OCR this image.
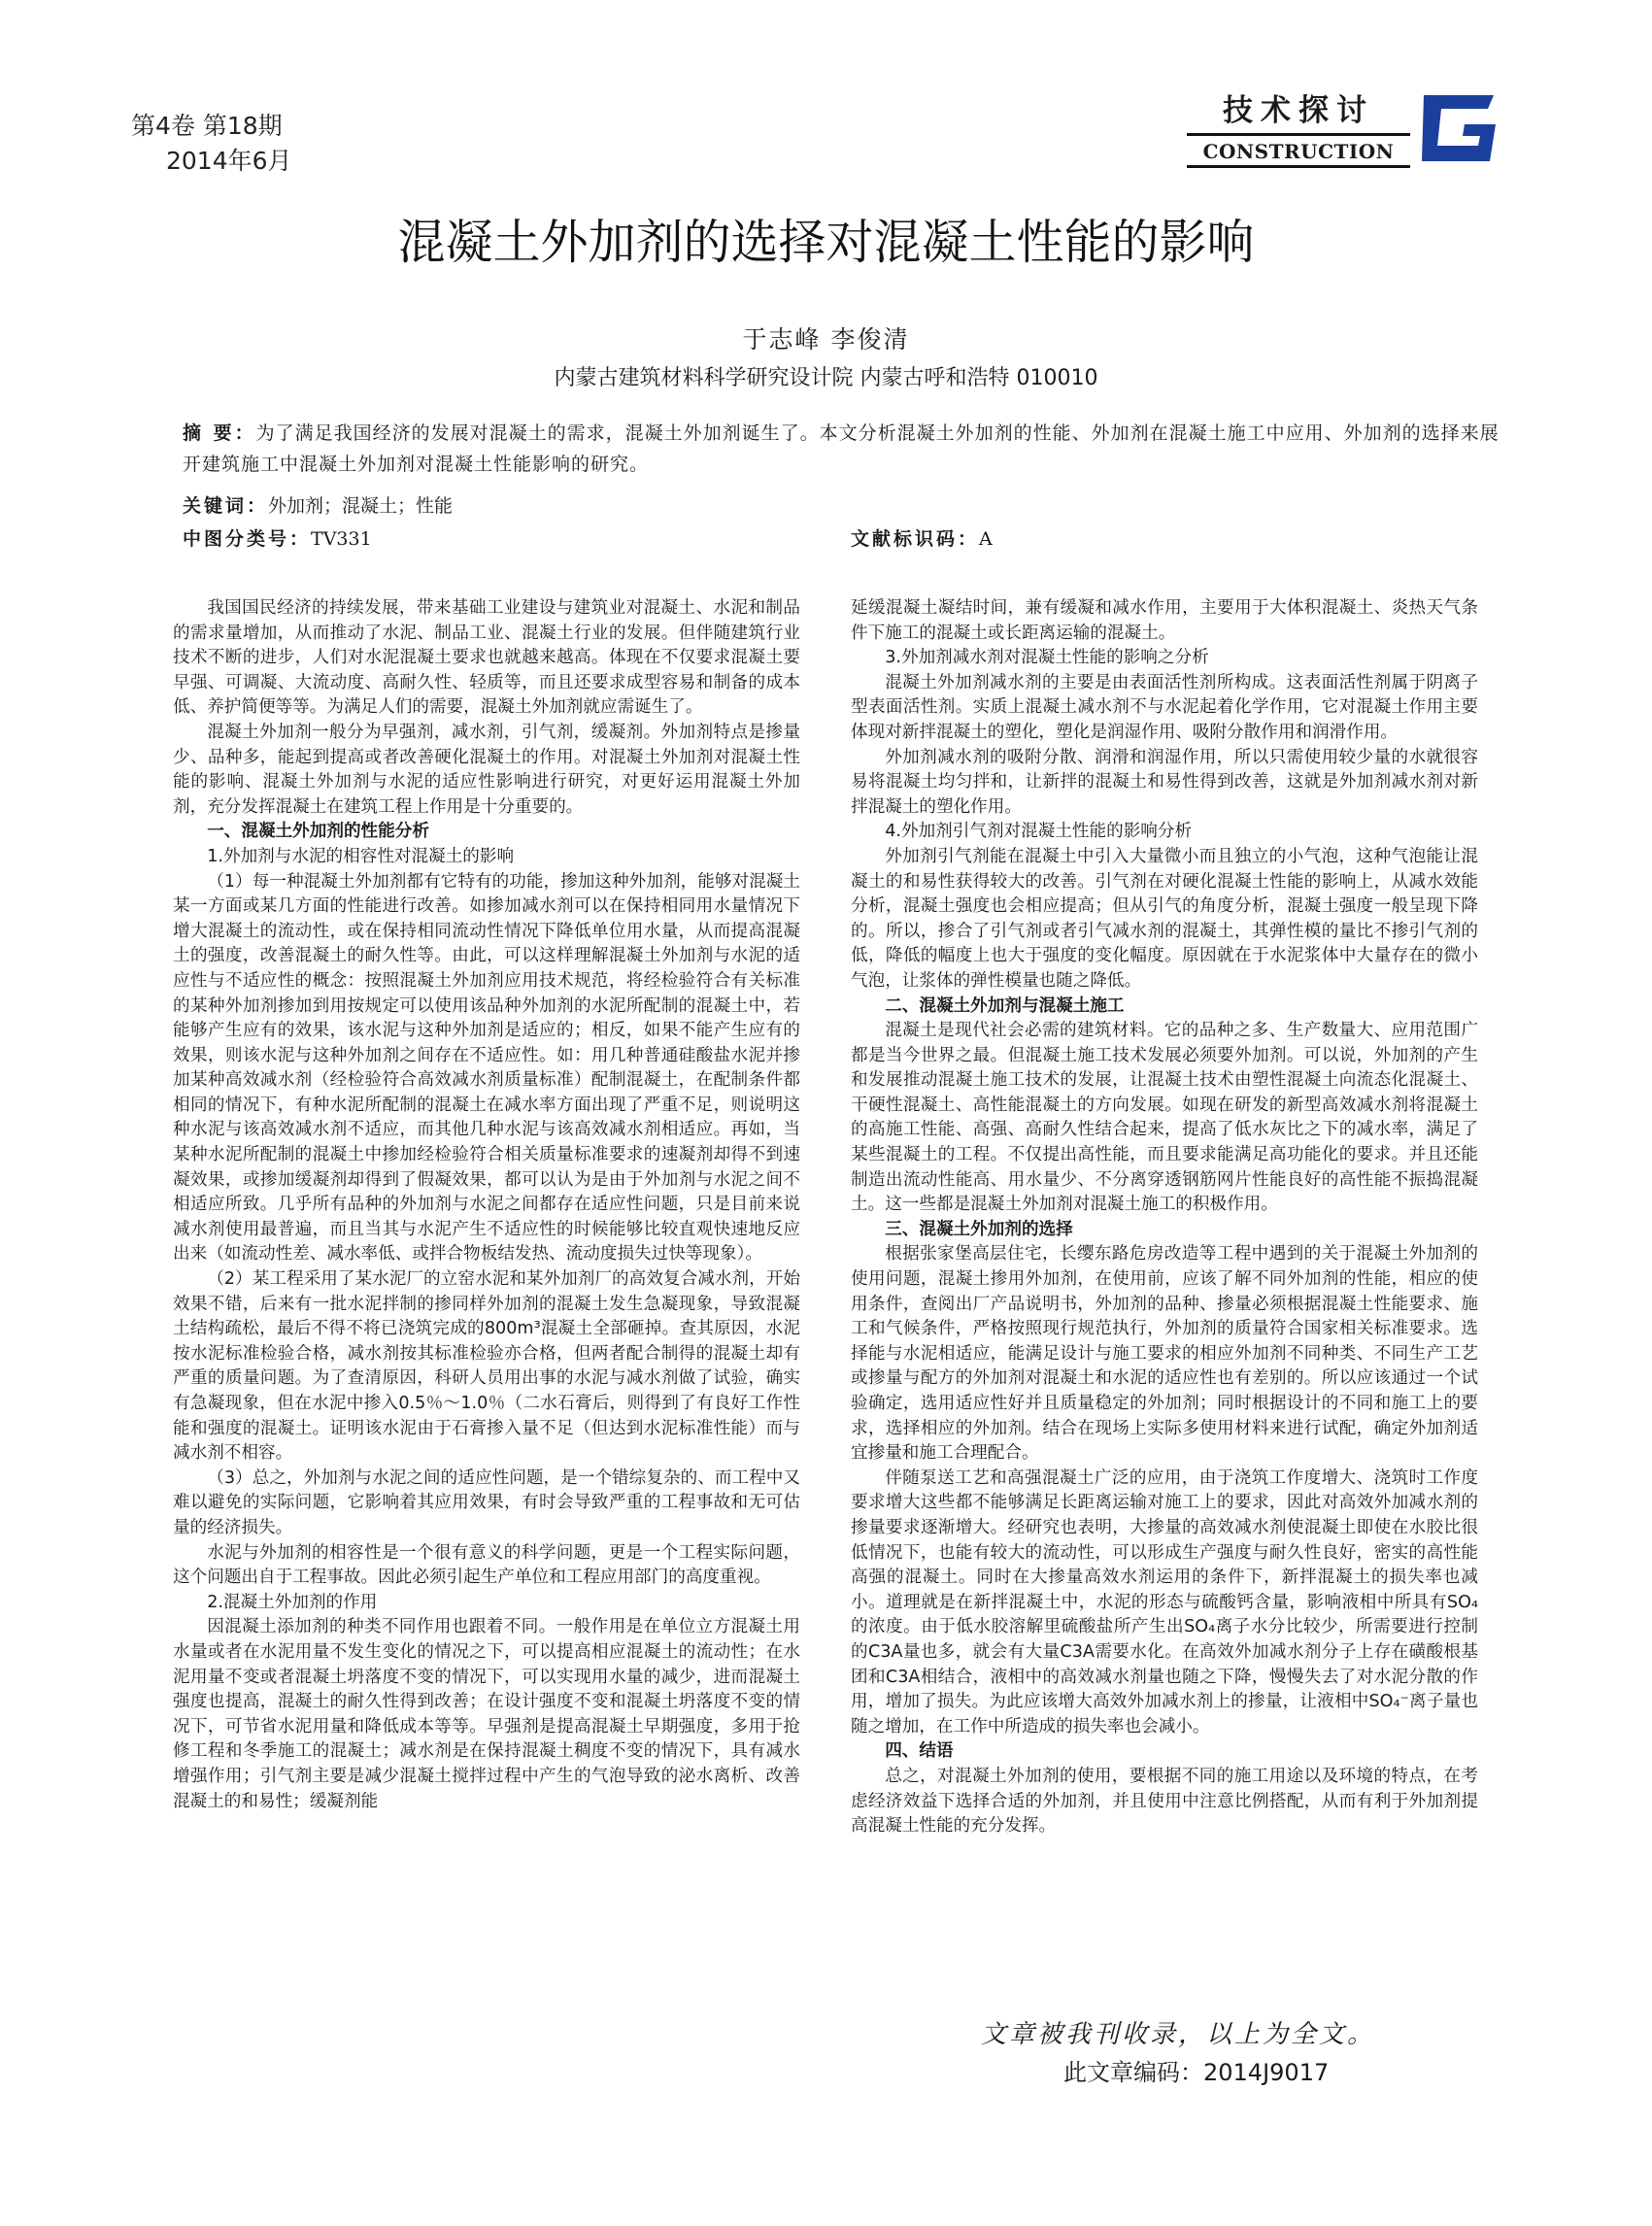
第4卷 第18期
2014年6月
技术探讨
CONSTRUCTION
混凝土外加剂的选择对混凝土性能的影响
于志峰 李俊清
内蒙古建筑材料科学研究设计院 内蒙古呼和浩特 010010
摘 要：为了满足我国经济的发展对混凝土的需求，混凝土外加剂诞生了。本文分析混凝土外加剂的性能、外加剂在混凝土施工中应用、外加剂的选择来展开建筑施工中混凝土外加剂对混凝土性能影响的研究。
关键词：外加剂；混凝土；性能
中图分类号：TV331	文献标识码：A

我国国民经济的持续发展，带来基础工业建设与建筑业对混凝土、水泥和制品的需求量增加，从而推动了水泥、制品工业、混凝土行业的发展。但伴随建筑行业技术不断的进步，人们对水泥混凝土要求也就越来越高。体现在不仅要求混凝土要早强、可调凝、大流动度、高耐久性、轻质等，而且还要求成型容易和制备的成本低、养护简便等等。为满足人们的需要，混凝土外加剂就应需诞生了。

混凝土外加剂一般分为早强剂，减水剂，引气剂，缓凝剂。外加剂特点是掺量少、品种多，能起到提高或者改善硬化混凝土的作用。对混凝土外加剂对混凝土性能的影响、混凝土外加剂与水泥的适应性影响进行研究，对更好运用混凝土外加剂，充分发挥混凝土在建筑工程上作用是十分重要的。

一、混凝土外加剂的性能分析

1.外加剂与水泥的相容性对混凝土的影响

（1）每一种混凝土外加剂都有它特有的功能，掺加这种外加剂，能够对混凝土某一方面或某几方面的性能进行改善。如掺加减水剂可以在保持相同用水量情况下增大混凝土的流动性，或在保持相同流动性情况下降低单位用水量，从而提高混凝土的强度，改善混凝土的耐久性等。由此，可以这样理解混凝土外加剂与水泥的适应性与不适应性的概念：按照混凝土外加剂应用技术规范，将经检验符合有关标准的某种外加剂掺加到用按规定可以使用该品种外加剂的水泥所配制的混凝土中，若能够产生应有的效果，该水泥与这种外加剂是适应的；相反，如果不能产生应有的效果，则该水泥与这种外加剂之间存在不适应性。如：用几种普通硅酸盐水泥并掺加某种高效减水剂（经检验符合高效减水剂质量标准）配制混凝土，在配制条件都相同的情况下，有种水泥所配制的混凝土在减水率方面出现了严重不足，则说明这种水泥与该高效减水剂不适应，而其他几种水泥与该高效减水剂相适应。再如，当某种水泥所配制的混凝土中掺加经检验符合相关质量标准要求的速凝剂却得不到速凝效果，或掺加缓凝剂却得到了假凝效果，都可以认为是由于外加剂与水泥之间不相适应所致。几乎所有品种的外加剂与水泥之间都存在适应性问题，只是目前来说减水剂使用最普遍，而且当其与水泥产生不适应性的时候能够比较直观快速地反应出来（如流动性差、减水率低、或拌合物板结发热、流动度损失过快等现象）。

（2）某工程采用了某水泥厂的立窑水泥和某外加剂厂的高效复合减水剂，开始效果不错，后来有一批水泥拌制的掺同样外加剂的混凝土发生急凝现象，导致混凝土结构疏松，最后不得不将已浇筑完成的800m³混凝土全部砸掉。查其原因，水泥按水泥标准检验合格，减水剂按其标准检验亦合格，但两者配合制得的混凝土却有严重的质量问题。为了查清原因，科研人员用出事的水泥与减水剂做了试验，确实有急凝现象，但在水泥中掺入0.5％～1.0％（二水石膏后，则得到了有良好工作性能和强度的混凝土。证明该水泥由于石膏掺入量不足（但达到水泥标准性能）而与减水剂不相容。

（3）总之，外加剂与水泥之间的适应性问题，是一个错综复杂的、而工程中又难以避免的实际问题，它影响着其应用效果，有时会导致严重的工程事故和无可估量的经济损失。

水泥与外加剂的相容性是一个很有意义的科学问题，更是一个工程实际问题，这个问题出自于工程事故。因此必须引起生产单位和工程应用部门的高度重视。

2.混凝土外加剂的作用

因混凝土添加剂的种类不同作用也跟着不同。一般作用是在单位立方混凝土用水量或者在水泥用量不发生变化的情况之下，可以提高相应混凝土的流动性；在水泥用量不变或者混凝土坍落度不变的情况下，可以实现用水量的减少，进而混凝土强度也提高，混凝土的耐久性得到改善；在设计强度不变和混凝土坍落度不变的情况下，可节省水泥用量和降低成本等等。早强剂是提高混凝土早期强度，多用于抢修工程和冬季施工的混凝土；减水剂是在保持混凝土稠度不变的情况下，具有减水增强作用；引气剂主要是减少混凝土搅拌过程中产生的气泡导致的泌水离析、改善混凝土的和易性；缓凝剂能

延缓混凝土凝结时间，兼有缓凝和减水作用，主要用于大体积混凝土、炎热天气条件下施工的混凝土或长距离运输的混凝土。

3.外加剂减水剂对混凝土性能的影响之分析

混凝土外加剂减水剂的主要是由表面活性剂所构成。这表面活性剂属于阴离子型表面活性剂。实质上混凝土减水剂不与水泥起着化学作用，它对混凝土作用主要体现对新拌混凝土的塑化，塑化是润湿作用、吸附分散作用和润滑作用。

外加剂减水剂的吸附分散、润滑和润湿作用，所以只需使用较少量的水就很容易将混凝土均匀拌和，让新拌的混凝土和易性得到改善，这就是外加剂减水剂对新拌混凝土的塑化作用。

4.外加剂引气剂对混凝土性能的影响分析

外加剂引气剂能在混凝土中引入大量微小而且独立的小气泡，这种气泡能让混凝土的和易性获得较大的改善。引气剂在对硬化混凝土性能的影响上，从减水效能分析，混凝土强度也会相应提高；但从引气的角度分析，混凝土强度一般呈现下降的。所以，掺合了引气剂或者引气减水剂的混凝土，其弹性模的量比不掺引气剂的低，降低的幅度上也大于强度的变化幅度。原因就在于水泥浆体中大量存在的微小气泡，让浆体的弹性模量也随之降低。

二、混凝土外加剂与混凝土施工

混凝土是现代社会必需的建筑材料。它的品种之多、生产数量大、应用范围广都是当今世界之最。但混凝土施工技术发展必须要外加剂。可以说，外加剂的产生和发展推动混凝土施工技术的发展，让混凝土技术由塑性混凝土向流态化混凝土、干硬性混凝土、高性能混凝土的方向发展。如现在研发的新型高效减水剂将混凝土的高施工性能、高强、高耐久性结合起来，提高了低水灰比之下的减水率，满足了某些混凝土的工程。不仅提出高性能，而且要求能满足高功能化的要求。并且还能制造出流动性能高、用水量少、不分离穿透钢筋网片性能良好的高性能不振捣混凝土。这一些都是混凝土外加剂对混凝土施工的积极作用。

三、混凝土外加剂的选择

根据张家堡高层住宅，长缨东路危房改造等工程中遇到的关于混凝土外加剂的使用问题，混凝土掺用外加剂，在使用前，应该了解不同外加剂的性能，相应的使用条件，查阅出厂产品说明书，外加剂的品种、掺量必须根据混凝土性能要求、施工和气候条件，严格按照现行规范执行，外加剂的质量符合国家相关标准要求。选择能与水泥相适应，能满足设计与施工要求的相应外加剂不同种类、不同生产工艺或掺量与配方的外加剂对混凝土和水泥的适应性也有差别的。所以应该通过一个试验确定，选用适应性好并且质量稳定的外加剂；同时根据设计的不同和施工上的要求，选择相应的外加剂。结合在现场上实际多使用材料来进行试配，确定外加剂适宜掺量和施工合理配合。

伴随泵送工艺和高强混凝土广泛的应用，由于浇筑工作度增大、浇筑时工作度要求增大这些都不能够满足长距离运输对施工上的要求，因此对高效外加减水剂的掺量要求逐渐增大。经研究也表明，大掺量的高效减水剂使混凝土即使在水胶比很低情况下，也能有较大的流动性，可以形成生产强度与耐久性良好，密实的高性能高强的混凝土。同时在大掺量高效水剂运用的条件下，新拌混凝土的损失率也减小。道理就是在新拌混凝土中，水泥的形态与硫酸钙含量，影响液相中所具有SO₄的浓度。由于低水胶溶解里硫酸盐所产生出SO₄离子水分比较少，所需要进行控制的C3A量也多，就会有大量C3A需要水化。在高效外加减水剂分子上存在磺酸根基团和C3A相结合，液相中的高效减水剂量也随之下降，慢慢失去了对水泥分散的作用，增加了损失。为此应该增大高效外加减水剂上的掺量，让液相中SO₄⁻离子量也随之增加，在工作中所造成的损失率也会减小。

四、结语

总之，对混凝土外加剂的使用，要根据不同的施工用途以及环境的特点，在考虑经济效益下选择合适的外加剂，并且使用中注意比例搭配，从而有利于外加剂提高混凝土性能的充分发挥。

文章被我刊收录，以上为全文。
此文章编码：2014J9017
